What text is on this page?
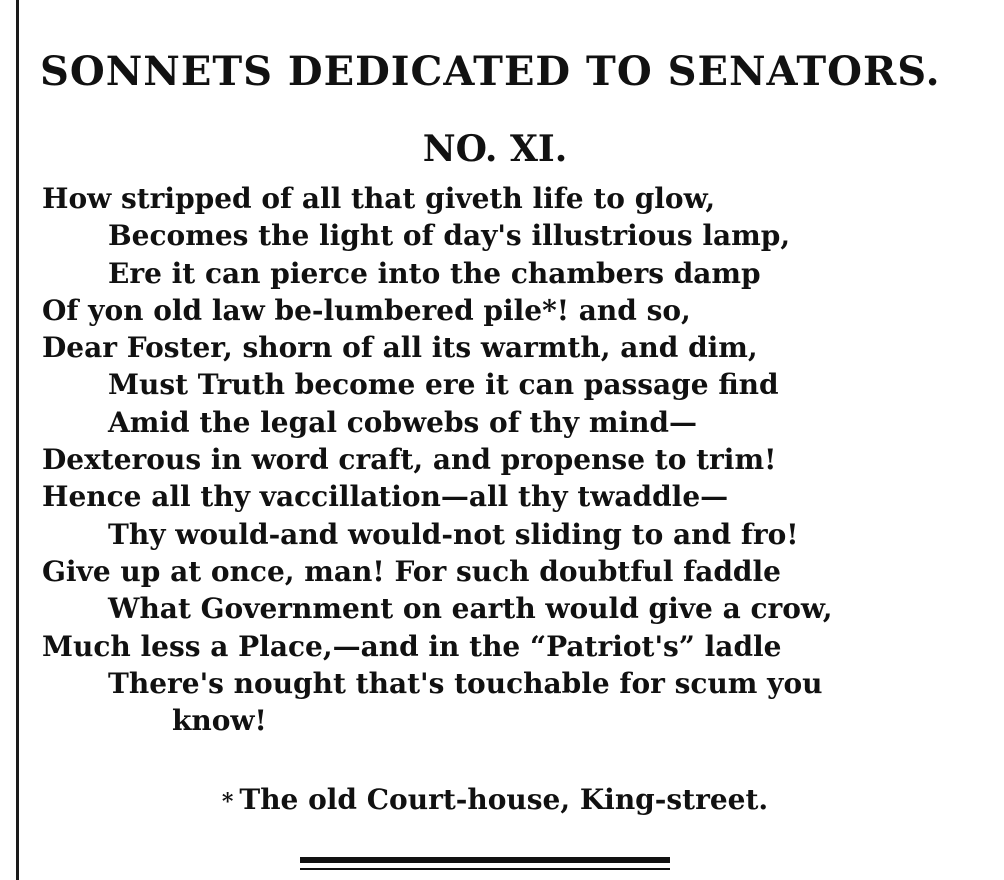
SONNETS DEDICATED TO SENATORS.
NO. XI.
How stripped of all that giveth life to glow,
Becomes the light of day's illustrious lamp,
Ere it can pierce into the chambers damp
Of yon old law be-lumbered pile*! and so,
Dear Foster, shorn of all its warmth, and dim,
Must Truth become ere it can passage find
Amid the legal cobwebs of thy mind—
Dexterous in word craft, and propense to trim!
Hence all thy vaccillation—all thy twaddle—
Thy would-and would-not sliding to and fro!
Give up at once, man! For such doubtful faddle
What Government on earth would give a crow,
Much less a Place,—and in the “Patriot's” ladle
There's nought that's touchable for scum you
know!
* The old Court-house, King-street.
